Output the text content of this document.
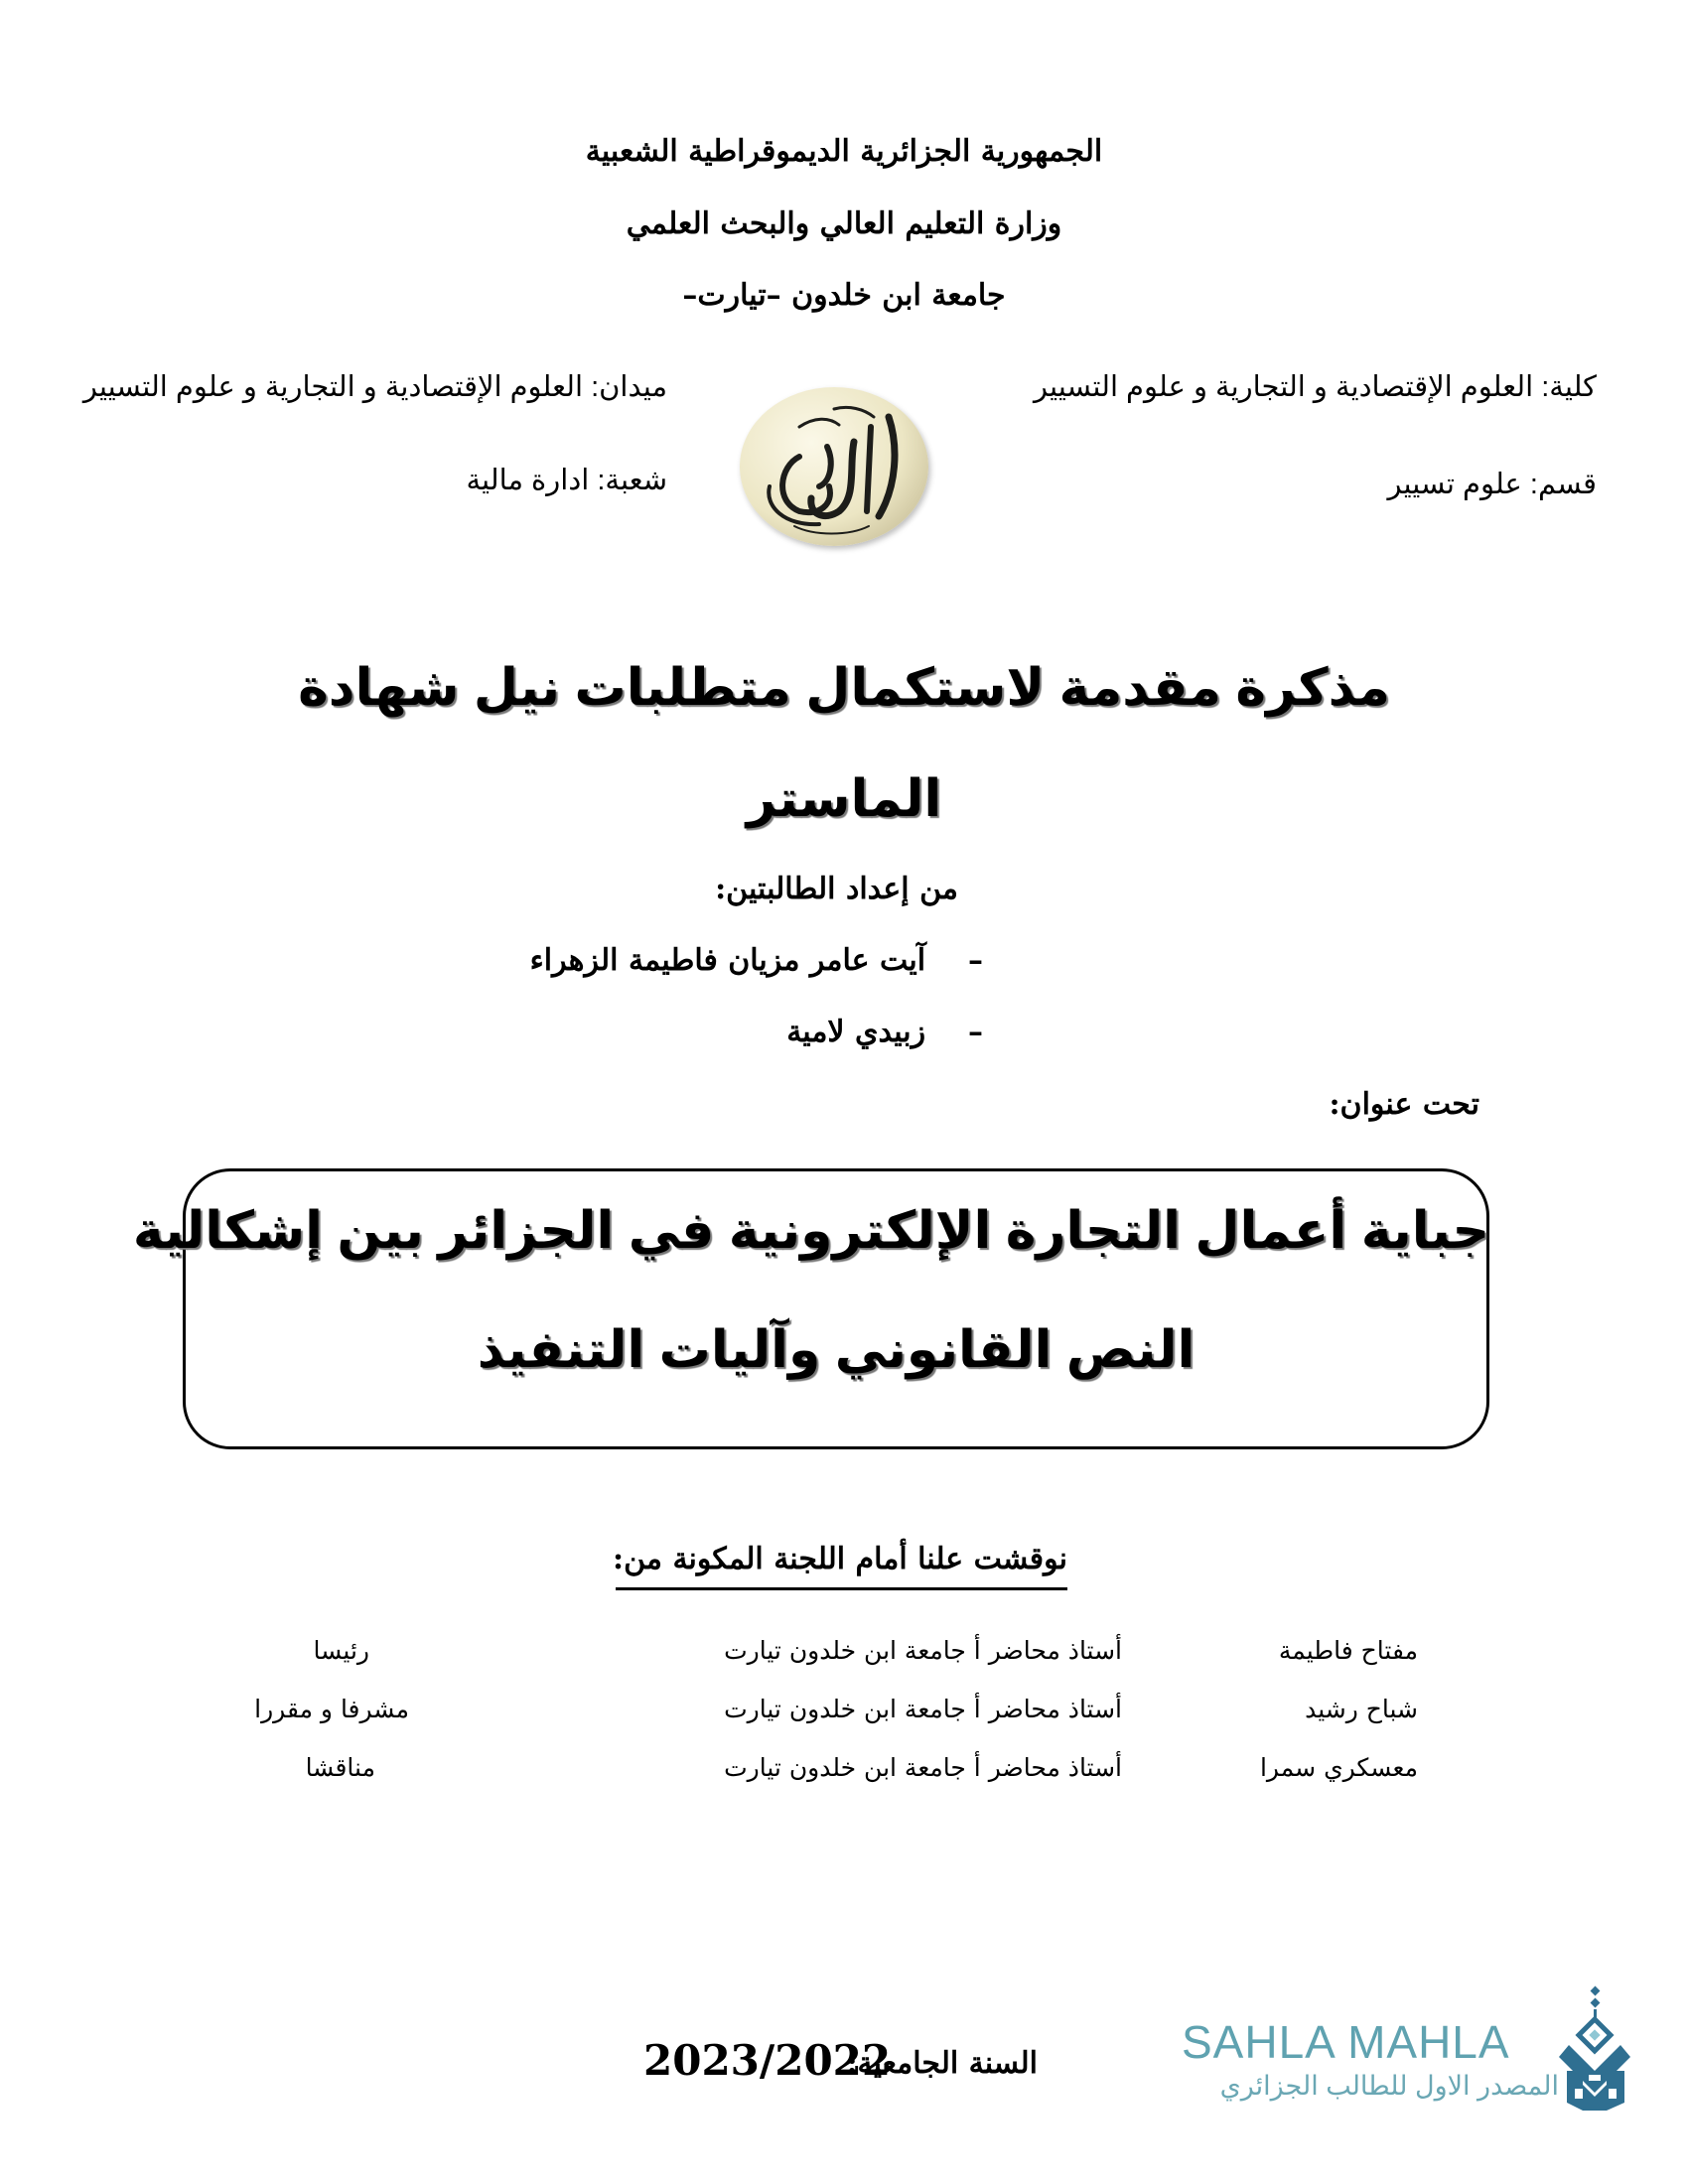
الجمهورية الجزائرية الديموقراطية الشعبية
وزارة التعليم العالي والبحث العلمي
جامعة ابن خلدون –تيارت–
كلية: العلوم الإقتصادية و التجارية و علوم التسيير
قسم: علوم تسيير
ميدان: العلوم الإقتصادية و التجارية و علوم التسيير
شعبة: ادارة مالية
مذكرة مقدمة لاستكمال متطلبات نيل شهادة
الماستر
من إعداد الطالبتين:
–  آيت عامر مزيان فاطيمة الزهراء
–  زبيدي لامية
تحت عنوان:
جباية أعمال التجارة الإلكترونية في الجزائر بين إشكالية
النص القانوني وآليات التنفيذ
نوقشت علنا أمام اللجنة المكونة من:
مفتاح فاطيمة
أستاذ محاضر أ جامعة ابن خلدون تيارت
رئيسا
شباح رشيد
أستاذ محاضر أ جامعة ابن خلدون تيارت
مشرفا و مقررا
معسكري سمرا
أستاذ محاضر أ جامعة ابن خلدون تيارت
مناقشا
السنة الجامعية:
2023/2022	SAHLA MAHLA
المصدر الاول للطالب الجزائري
